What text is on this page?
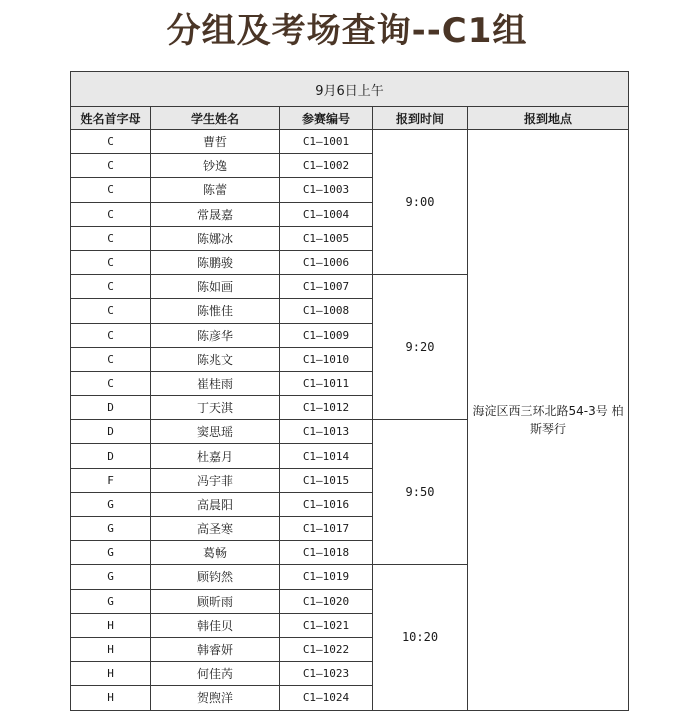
分组及考场查询--C1组
9月6日上午				
姓名首字母	学生姓名	参赛编号	报到时间	报到地点
C	曹哲	C1—1001	9:00	海淀区西三环北路54-3号 柏斯琴行
C	钞逸	C1—1002		
C	陈蕾	C1—1003		
C	常晟嘉	C1—1004		
C	陈娜冰	C1—1005		
C	陈鹏骏	C1—1006		
C	陈如画	C1—1007	9:20	
C	陈惟佳	C1—1008		
C	陈彦华	C1—1009		
C	陈兆文	C1—1010		
C	崔桂雨	C1—1011		
D	丁天淇	C1—1012		
D	窦思瑶	C1—1013	9:50	
D	杜嘉月	C1—1014		
F	冯宇菲	C1—1015		
G	高晨阳	C1—1016		
G	高圣寒	C1—1017		
G	葛畅	C1—1018		
G	顾钧然	C1—1019	10:20	
G	顾昕雨	C1—1020		
H	韩佳贝	C1—1021		
H	韩睿妍	C1—1022		
H	何佳芮	C1—1023		
H	贺煦洋	C1—1024		
